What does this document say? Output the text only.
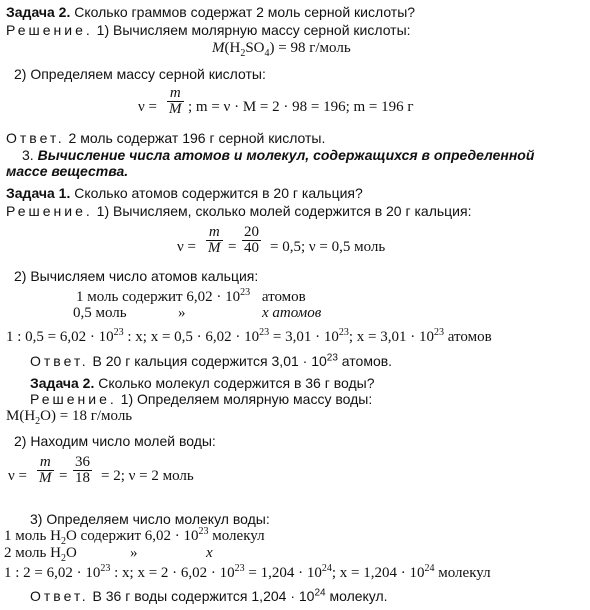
Задача 2. Сколько граммов содержат 2 моль серной кислоты?
Решение. 1) Вычисляем молярную массу серной кислоты:
$M(H_2SO_4) = 98$ г/моль
2) Определяем массу серной кислоты:
$\nu = \frac{m}{M}$ ; m = ν · M = 2 · 98 = 196; m = 196 г
Ответ. 2 моль содержат 196 г серной кислоты.
3. Вычисление числа атомов и молекул, содержащихся в определенной
массе вещества.
Задача 1. Сколько атомов содержится в 20 г кальция?
Решение. 1) Вычисляем, сколько молей содержится в 20 г кальция:
$\nu = \frac{m}{M} = \frac{20}{40} = 0,5$; ν = 0,5 моль
2) Вычисляем число атомов кальция:
1 моль содержит $6,02 \cdot 10^{23}$ атомов
0,5 моль	»	x атомов
1 : $0,5 = 6,02 \cdot 10^{23}$ : x; $x = 0,5 \cdot 6,02 \cdot 10^{23} = 3,01 \cdot 10^{23}$; $x = 3,01 \cdot 10^{23}$ атомов
Ответ. В 20 г кальция содержится $3,01 \cdot 10^{23}$ атомов.
Задача 2. Сколько молекул содержится в 36 г воды?
Решение. 1) Определяем молярную массу воды:
$M(H_2O) = 18$ г/моль
2) Находим число молей воды:
$\nu = \frac{m}{M} = \frac{36}{18} = 2$; ν = 2 моль
3) Определяем число молекул воды:
1 моль $H_2O$ содержит $6,02 \cdot 10^{23}$ молекул
2 моль $H_2O$	»	x
1 : $2 = 6,02 \cdot 10^{23}$ : x; $x = 2 \cdot 6,02 \cdot 10^{23} = 1,204 \cdot 10^{24}$; $x = 1,204 \cdot 10^{24}$ молекул
Ответ. В 36 г воды содержится $1,204 \cdot 10^{24}$ молекул.
